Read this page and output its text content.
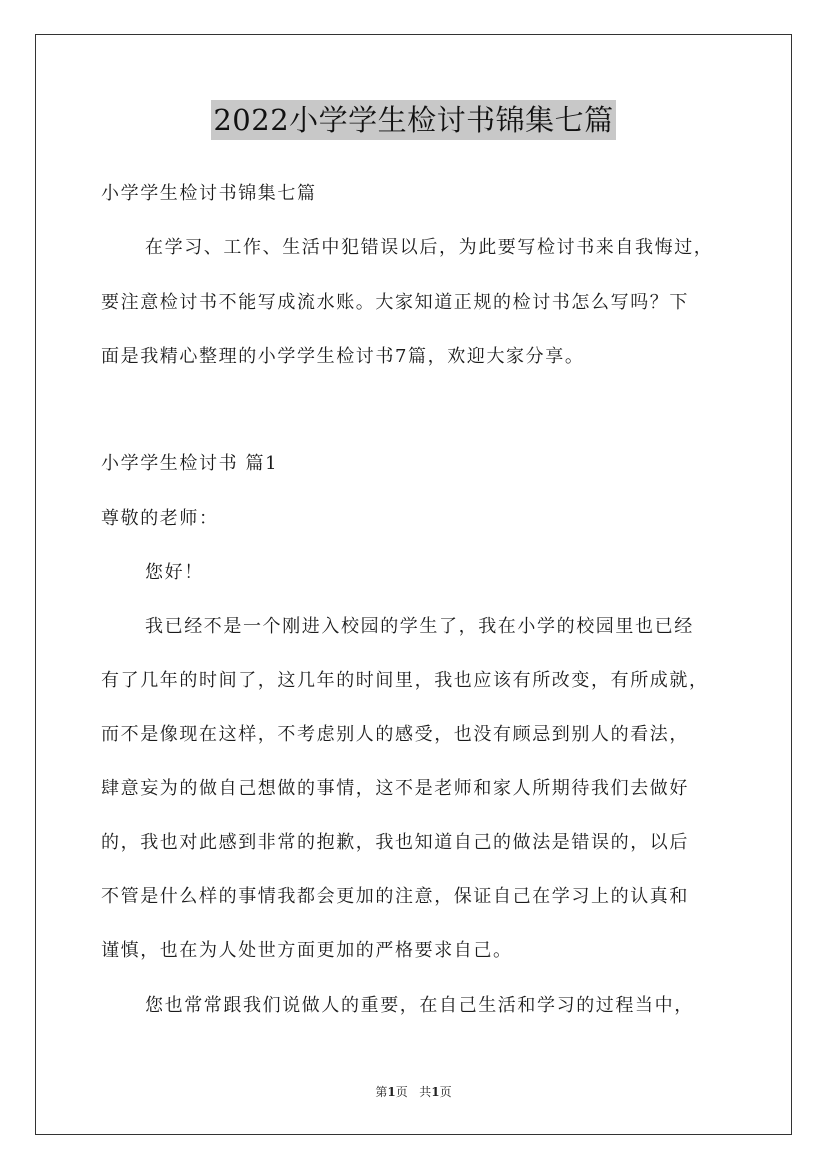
2022小学学生检讨书锦集七篇
小学学生检讨书锦集七篇
在学习、工作、生活中犯错误以后，为此要写检讨书来自我悔过，
要注意检讨书不能写成流水账。大家知道正规的检讨书怎么写吗？下
面是我精心整理的小学学生检讨书7篇，欢迎大家分享。
小学学生检讨书 篇1
尊敬的老师：
您好！
我已经不是一个刚进入校园的学生了，我在小学的校园里也已经
有了几年的时间了，这几年的时间里，我也应该有所改变，有所成就，
而不是像现在这样，不考虑别人的感受，也没有顾忌到别人的看法，
肆意妄为的做自己想做的事情，这不是老师和家人所期待我们去做好
的，我也对此感到非常的抱歉，我也知道自己的做法是错误的，以后
不管是什么样的事情我都会更加的注意，保证自己在学习上的认真和
谨慎，也在为人处世方面更加的严格要求自己。
您也常常跟我们说做人的重要，在自己生活和学习的过程当中，
第1页 共1页
